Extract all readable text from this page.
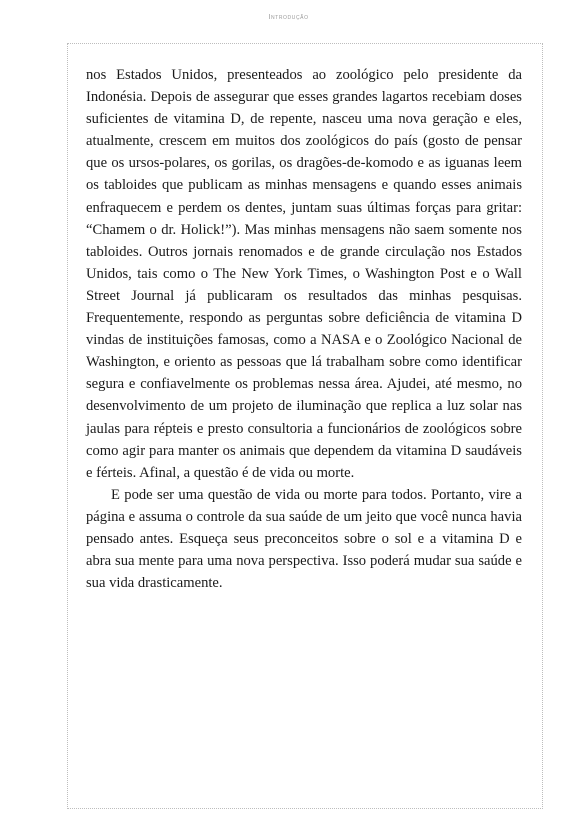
Introdução

nos Estados Unidos, presenteados ao zoológico pelo presidente da Indonésia. Depois de assegurar que esses grandes lagartos recebiam doses suficientes de vitamina D, de repente, nasceu uma nova geração e eles, atualmente, crescem em muitos dos zoológicos do país (gosto de pensar que os ursos-polares, os gorilas, os dragões-de-komodo e as iguanas leem os tabloides que publicam as minhas mensagens e quando esses animais enfraquecem e perdem os dentes, juntam suas últimas forças para gritar: “Chamem o dr. Holick!”). Mas minhas mensagens não saem somente nos tabloides. Outros jornais renomados e de grande circulação nos Estados Unidos, tais como o The New York Times, o Washington Post e o Wall Street Journal já publicaram os resultados das minhas pesquisas. Frequentemente, respondo as perguntas sobre deficiência de vitamina D vindas de instituições famosas, como a NASA e o Zoológico Nacional de Washington, e oriento as pessoas que lá trabalham sobre como identificar segura e confiavelmente os problemas nessa área. Ajudei, até mesmo, no desenvolvimento de um projeto de iluminação que replica a luz solar nas jaulas para répteis e presto consultoria a funcionários de zoológicos sobre como agir para manter os animais que dependem da vitamina D saudáveis e férteis. Afinal, a questão é de vida ou morte.

E pode ser uma questão de vida ou morte para todos. Portanto, vire a página e assuma o controle da sua saúde de um jeito que você nunca havia pensado antes. Esqueça seus preconceitos sobre o sol e a vitamina D e abra sua mente para uma nova perspectiva. Isso poderá mudar sua saúde e sua vida drasticamente.
